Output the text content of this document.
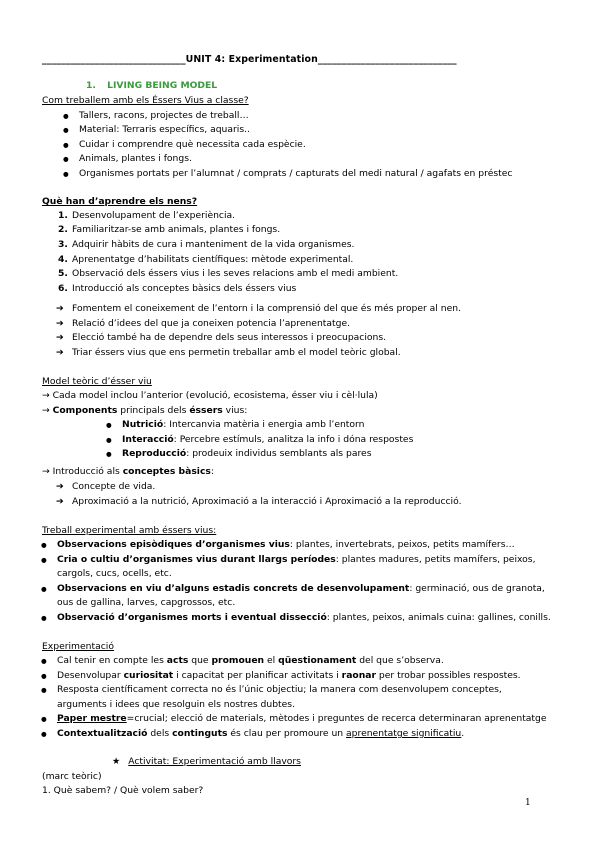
______________________________UNIT 4: Experimentation_____________________________
1. LIVING BEING MODEL
Com treballem amb els Éssers Vius a classe?
● Tallers, racons, projectes de treball…
● Material: Terraris específics, aquaris..
● Cuidar i comprendre què necessita cada espècie.
● Animals, plantes i fongs.
● Organismes portats per l’alumnat / comprats / capturats del medi natural / agafats en préstec
Què han d’aprendre els nens?
1. Desenvolupament de l’experiència.
2. Familiaritzar-se amb animals, plantes i fongs.
3. Adquirir hàbits de cura i manteniment de la vida organismes.
4. Aprenentatge d’habilitats científiques: mètode experimental.
5. Observació dels éssers vius i les seves relacions amb el medi ambient.
6. Introducció als conceptes bàsics dels éssers vius
➔ Fomentem el coneixement de l’entorn i la comprensió del que és més proper al nen.
➔ Relació d’idees del que ja coneixen potencia l’aprenentatge.
➔ Elecció també ha de dependre dels seus interessos i preocupacions.
➔ Triar éssers vius que ens permetin treballar amb el model teòric global.
Model teòric d’ésser viu
→ Cada model inclou l’anterior (evolució, ecosistema, ésser viu i cèl·lula)
→ Components principals dels éssers vius:
● Nutrició: Intercanvia matèria i energia amb l’entorn
● Interacció: Percebre estímuls, analitza la info i dóna respostes
● Reproducció: prodeuix individus semblants als pares
→ Introducció als conceptes bàsics:
➔ Concepte de vida.
➔ Aproximació a la nutrició, Aproximació a la interacció i Aproximació a la reproducció.
Treball experimental amb éssers vius:
● Observacions episòdiques d’organismes vius: plantes, invertebrats, peixos, petits mamífers…
● Cria o cultiu d’organismes vius durant llargs períodes: plantes madures, petits mamífers, peixos,
cargols, cucs, ocells, etc.
● Observacions en viu d’alguns estadis concrets de desenvolupament: germinació, ous de granota,
ous de gallina, larves, capgrossos, etc.
● Observació d’organismes morts i eventual dissecció: plantes, peixos, animals cuina: gallines, conills.
Experimentació
● Cal tenir en compte les acts que promouen el qüestionament del que s’observa.
● Desenvolupar curiositat i capacitat per planificar activitats i raonar per trobar possibles respostes.
● Resposta científicament correcta no és l’únic objectiu; la manera com desenvolupem conceptes,
arguments i idees que resolguin els nostres dubtes.
● Paper mestre=crucial; elecció de materials, mètodes i preguntes de recerca determinaran aprenentatge
● Contextualització dels continguts és clau per promoure un aprenentatge significatiu.
★ Activitat: Experimentació amb llavors
(marc teòric)
1. Què sabem? / Què volem saber?
1
